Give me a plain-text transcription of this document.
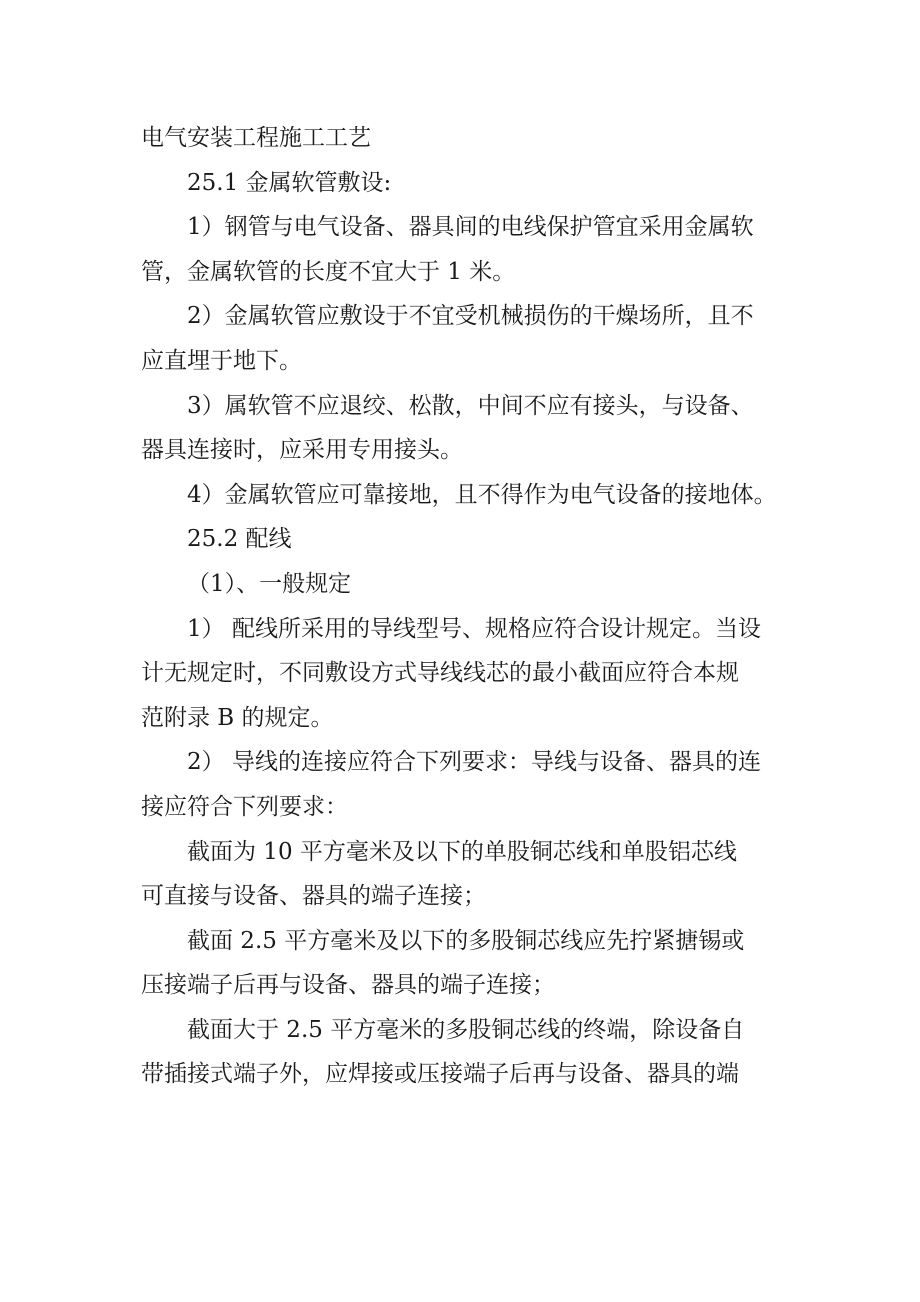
电气安装工程施工工艺
25.1 金属软管敷设:
1）钢管与电气设备、器具间的电线保护管宜采用金属软
管，金属软管的长度不宜大于 1 米。
2）金属软管应敷设于不宜受机械损伤的干燥场所，且不
应直埋于地下。
3）属软管不应退绞、松散，中间不应有接头，与设备、
器具连接时，应采用专用接头。
4）金属软管应可靠接地，且不得作为电气设备的接地体。
25.2 配线
（1）、一般规定
1） 配线所采用的导线型号、规格应符合设计规定。当设
计无规定时，不同敷设方式导线线芯的最小截面应符合本规
范附录 B 的规定。
2） 导线的连接应符合下列要求：导线与设备、器具的连
接应符合下列要求：
截面为 10 平方毫米及以下的单股铜芯线和单股铝芯线
可直接与设备、器具的端子连接；
截面 2.5 平方毫米及以下的多股铜芯线应先拧紧搪锡或
压接端子后再与设备、器具的端子连接；
截面大于 2.5 平方毫米的多股铜芯线的终端，除设备自
带插接式端子外，应焊接或压接端子后再与设备、器具的端
